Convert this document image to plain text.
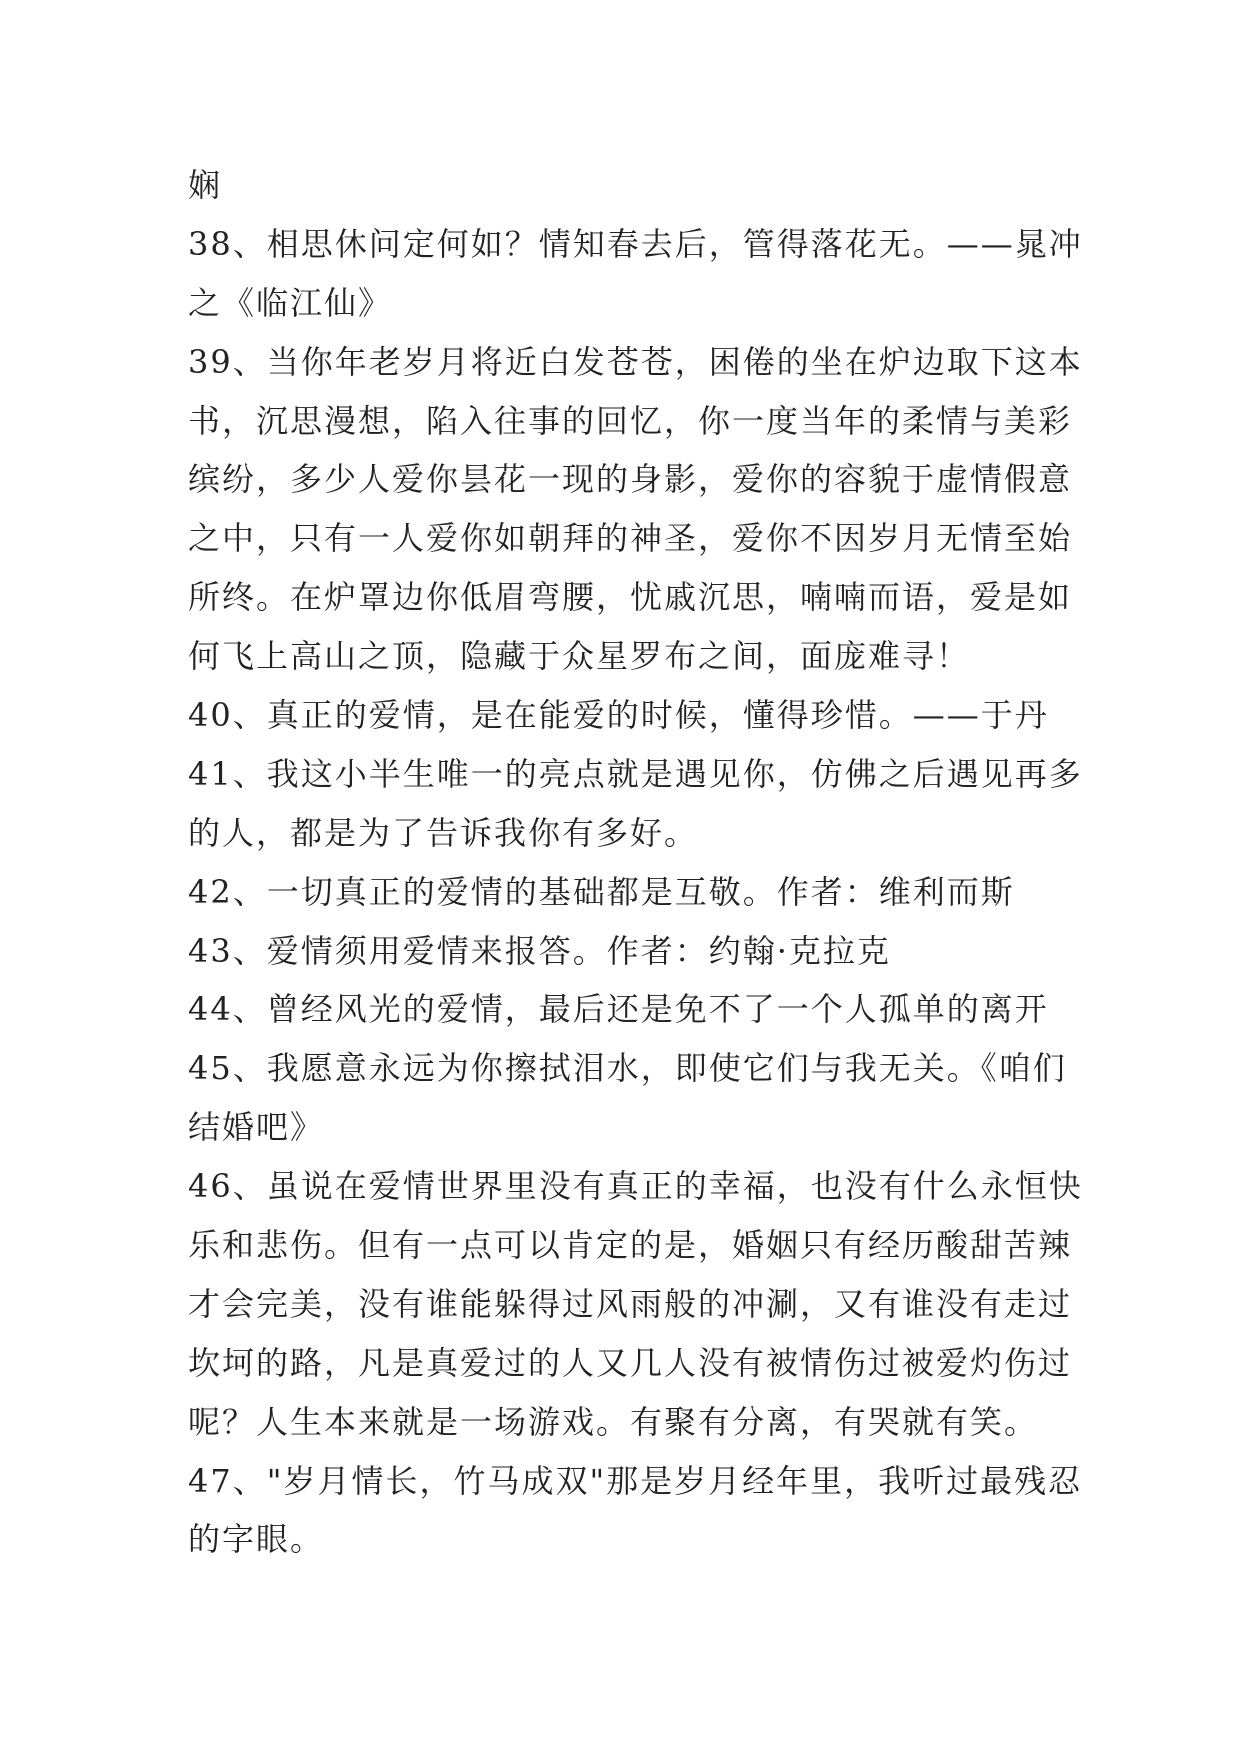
娴
38、相思休问定何如？情知春去后，管得落花无。——晁冲
之《临江仙》
39、当你年老岁月将近白发苍苍，困倦的坐在炉边取下这本
书，沉思漫想，陷入往事的回忆，你一度当年的柔情与美彩
缤纷，多少人爱你昙花一现的身影，爱你的容貌于虚情假意
之中，只有一人爱你如朝拜的神圣，爱你不因岁月无情至始
所终。在炉罩边你低眉弯腰，忧戚沉思，喃喃而语，爱是如
何飞上高山之顶，隐藏于众星罗布之间，面庞难寻！
40、真正的爱情，是在能爱的时候，懂得珍惜。——于丹
41、我这小半生唯一的亮点就是遇见你，仿佛之后遇见再多
的人，都是为了告诉我你有多好。
42、一切真正的爱情的基础都是互敬。作者：维利而斯
43、爱情须用爱情来报答。作者：约翰·克拉克
44、曾经风光的爱情，最后还是免不了一个人孤单的离开
45、我愿意永远为你擦拭泪水，即使它们与我无关。《咱们
结婚吧》
46、虽说在爱情世界里没有真正的幸福，也没有什么永恒快
乐和悲伤。但有一点可以肯定的是，婚姻只有经历酸甜苦辣
才会完美，没有谁能躲得过风雨般的冲涮，又有谁没有走过
坎坷的路，凡是真爱过的人又几人没有被情伤过被爱灼伤过
呢？人生本来就是一场游戏。有聚有分离，有哭就有笑。
47、"岁月情长，竹马成双"那是岁月经年里，我听过最残忍
的字眼。
